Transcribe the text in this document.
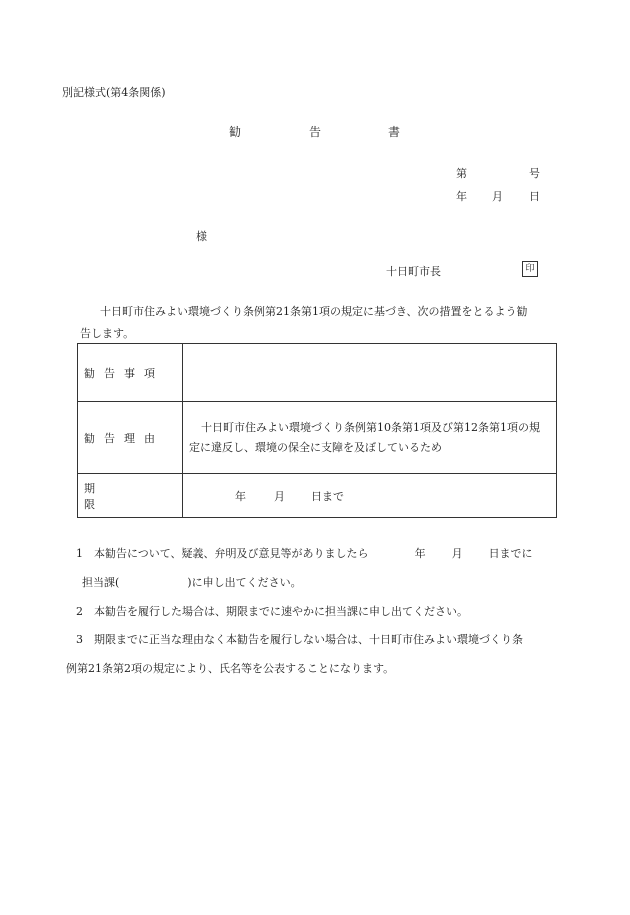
別記様式(第4条関係)
勧	告	書
第	号
年 月 日
様
十日町市長	印
十日町市住みよい環境づくり条例第21条第1項の規定に基づき、次の措置をとるよう勧
告します。
勧 告 事 項	
勧 告 理 由	十日町市住みよい環境づくり条例第10条第1項及び第12条第1項の規
定に違反し、環境の保全に支障を及ぼしているため
期限	年 月 日まで
1　本勧告について、疑義、弁明及び意見等がありましたら	年 月 日までに
担当課(	)に申し出てください。
2　本勧告を履行した場合は、期限までに速やかに担当課に申し出てください。
3　期限までに正当な理由なく本勧告を履行しない場合は、十日町市住みよい環境づくり条
例第21条第2項の規定により、氏名等を公表することになります。
